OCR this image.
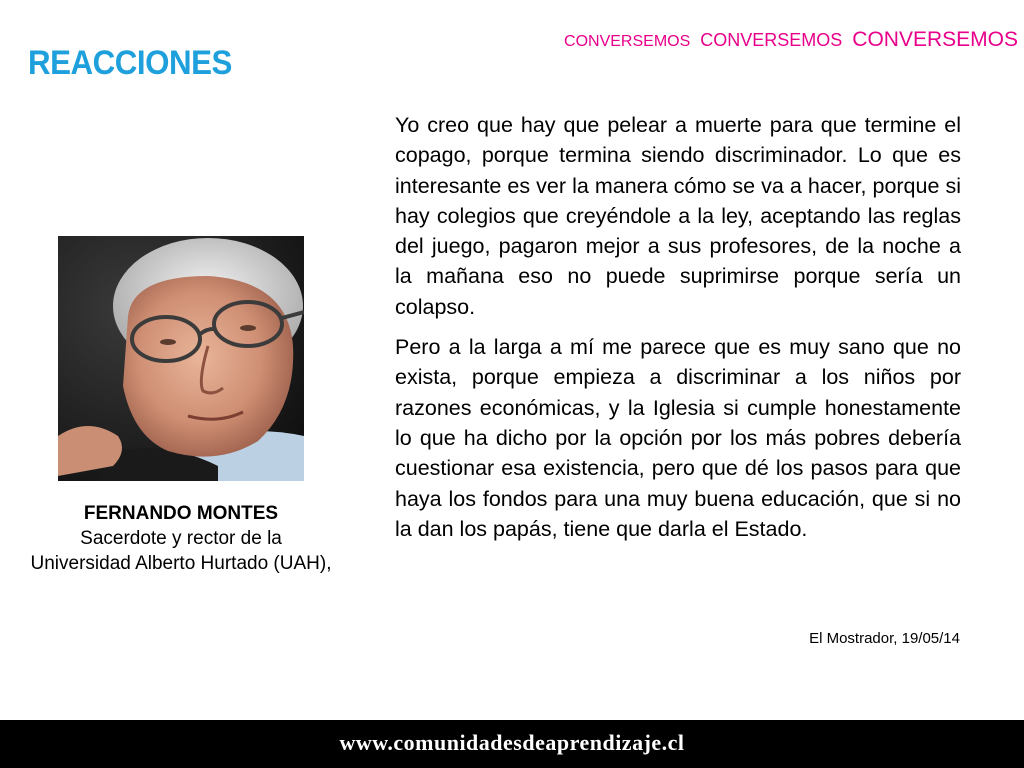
REACCIONES
CONVERSEMOS CONVERSEMOS CONVERSEMOS
FERNANDO MONTES
Sacerdote y rector de la Universidad Alberto Hurtado (UAH),

Yo creo que hay que pelear a muerte para que termine el copago, porque termina siendo discriminador. Lo que es interesante es ver la manera cómo se va a hacer, porque si hay colegios que creyéndole a la ley, aceptando las reglas del juego, pagaron mejor a sus profesores, de la noche a la mañana eso no puede suprimirse porque sería un colapso.

Pero a la larga a mí me parece que es muy sano que no exista, porque empieza a discriminar a los niños por razones económicas, y la Iglesia si cumple honestamente lo que ha dicho por la opción por los más pobres debería cuestionar esa existencia, pero que dé los pasos para que haya los fondos para una muy buena educación, que si no la dan los papás, tiene que darla el Estado.

El Mostrador, 19/05/14
www.comunidadesdeaprendizaje.cl
